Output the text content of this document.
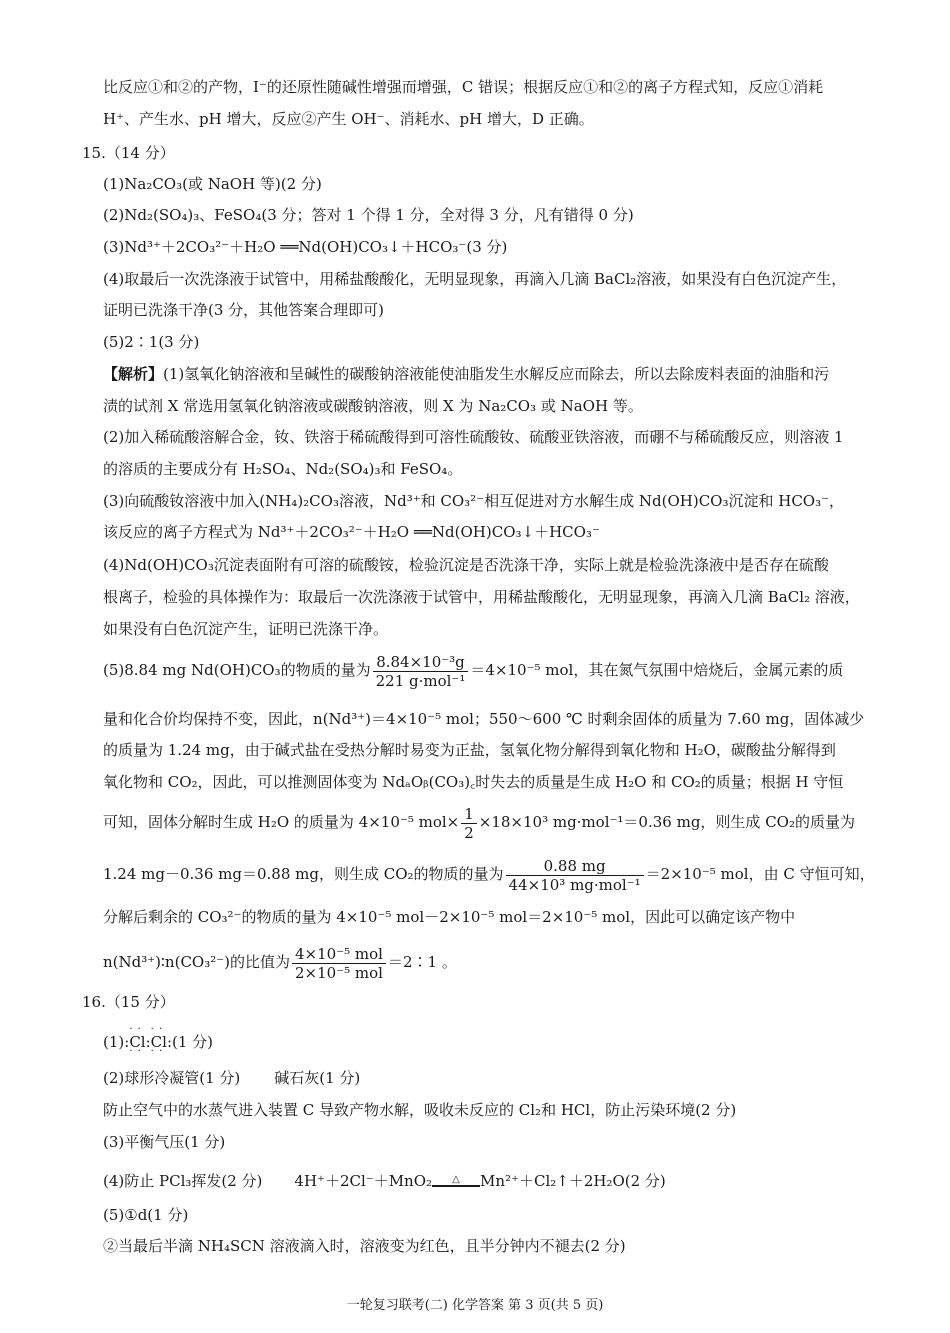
比反应①和②的产物，I⁻的还原性随碱性增强而增强，C 错误；根据反应①和②的离子方程式知，反应①消耗
H⁺、产生水、pH 增大，反应②产生 OH⁻、消耗水、pH 增大，D 正确。
15.（14 分）
(1)Na₂CO₃(或 NaOH 等)(2 分)
(2)Nd₂(SO₄)₃、FeSO₄(3 分；答对 1 个得 1 分，全对得 3 分，凡有错得 0 分)
(3)Nd³⁺＋2CO₃²⁻＋H₂O ══Nd(OH)CO₃↓＋HCO₃⁻(3 分)
(4)取最后一次洗涤液于试管中，用稀盐酸酸化，无明显现象，再滴入几滴 BaCl₂溶液，如果没有白色沉淀产生，
证明已洗涤干净(3 分，其他答案合理即可)
(5)2∶1(3 分)
【解析】(1)氢氧化钠溶液和呈碱性的碳酸钠溶液能使油脂发生水解反应而除去，所以去除废料表面的油脂和污
渍的试剂 X 常选用氢氧化钠溶液或碳酸钠溶液，则 X 为 Na₂CO₃ 或 NaOH 等。
(2)加入稀硫酸溶解合金，钕、铁溶于稀硫酸得到可溶性硫酸钕、硫酸亚铁溶液，而硼不与稀硫酸反应，则溶液 1
的溶质的主要成分有 H₂SO₄、Nd₂(SO₄)₃和 FeSO₄。
(3)向硫酸钕溶液中加入(NH₄)₂CO₃溶液，Nd³⁺和 CO₃²⁻相互促进对方水解生成 Nd(OH)CO₃沉淀和 HCO₃⁻，
该反应的离子方程式为 Nd³⁺＋2CO₃²⁻＋H₂O ══Nd(OH)CO₃↓＋HCO₃⁻
(4)Nd(OH)CO₃沉淀表面附有可溶的硫酸铵，检验沉淀是否洗涤干净，实际上就是检验洗涤液中是否存在硫酸
根离子，检验的具体操作为：取最后一次洗涤液于试管中，用稀盐酸酸化，无明显现象，再滴入几滴 BaCl₂ 溶液，
如果没有白色沉淀产生，证明已洗涤干净。
(5)8.84 mg Nd(OH)CO₃的物质的量为 $\frac{\text{8.84×10⁻³g}}{\text{221 g·mol⁻¹}} =4\times 10^{-5}$ mol，其在氮气氛围中焙烧后，金属元素的质
量和化合价均保持不变，因此，n(Nd³⁺)＝4×10⁻⁵ mol；550～600 ℃ 时剩余固体的质量为 7.60 mg，固体减少
的质量为 1.24 mg，由于碱式盐在受热分解时易变为正盐，氢氧化物分解得到氧化物和 H₂O，碳酸盐分解得到
氧化物和 CO₂，因此，可以推测固体变为 NdₐOᵦ(CO₃)꜀时失去的质量是生成 H₂O 和 CO₂的质量；根据 H 守恒
可知，固体分解时生成 H₂O 的质量为 4×10⁻⁵ $mol\times \frac{1}{2} \times 18\times 10^3$ mg·mol⁻¹＝0.36 mg，则生成 CO₂的质量为
1.24 mg－0.36 mg＝0.88 mg，则生成 CO₂的物质的量为 $\frac{0.88 mg}{\text{44×10³ mg·mol⁻¹}} =2\times 10^{-5}$ mol，由 C 守恒可知，
分解后剩余的 CO₃²⁻的物质的量为 4×10⁻⁵ mol－2×10⁻⁵ mol＝2×10⁻⁵ mol，因此可以确定该产物中
n(Nd³⁺)∶n(CO₃²⁻)的比值为 $\frac{\text{4×10⁻⁵ mol}}{\text{2×10⁻⁵ mol}}$ ＝2∶1 。
16.（15 分）
(1):· · Cl · ·:· · Cl · ·:(1 分)
(2)球形冷凝管(1 分) 碱石灰(1 分)
防止空气中的水蒸气进入装置 C 导致产物水解，吸收未反应的 Cl₂和 HCl，防止污染环境(2 分)
(3)平衡气压(1 分)
(4)防止 PCl₃挥发(2 分) 4H⁺＋2Cl⁻＋MnO₂	△	Mn²⁺＋Cl₂↑＋2H₂O(2 分)
(5)①d(1 分)
②当最后半滴 NH₄SCN 溶液滴入时，溶液变为红色，且半分钟内不褪去(2 分)
一轮复习联考(二) 化学答案 第 3 页(共 5 页)
